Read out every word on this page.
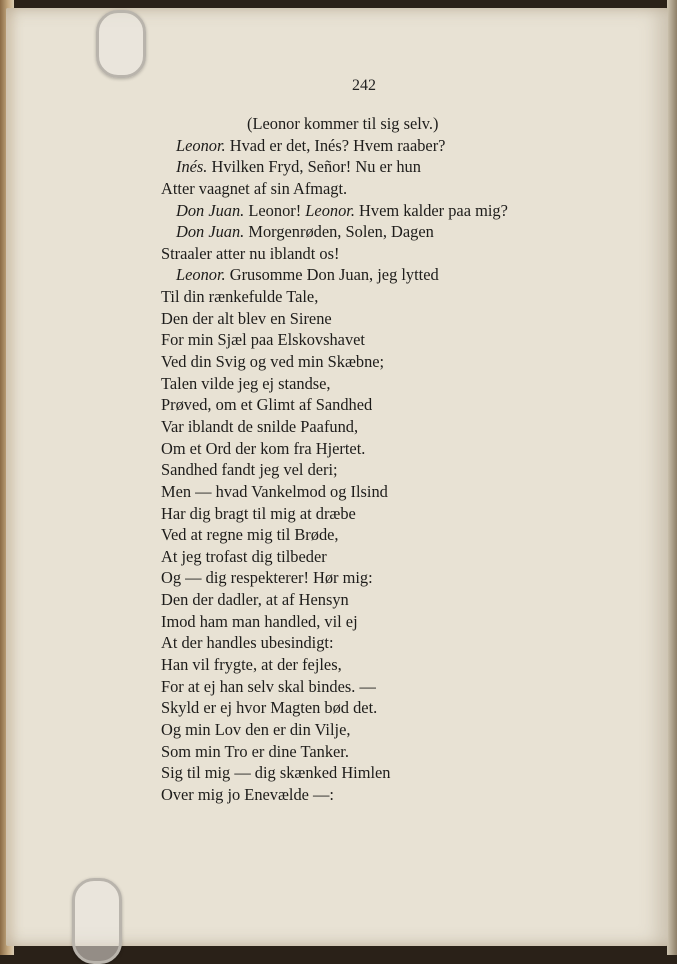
242
(Leonor kommer til sig selv.)
Leonor. Hvad er det, Inés? Hvem raaber?
Inés. Hvilken Fryd, Señor! Nu er hun
Atter vaagnet af sin Afmagt.
Don Juan. Leonor! Leonor. Hvem kalder paa mig?
Don Juan. Morgenrøden, Solen, Dagen
Straaler atter nu iblandt os!
Leonor. Grusomme Don Juan, jeg lytted
Til din rænkefulde Tale,
Den der alt blev en Sirene
For min Sjæl paa Elskovshavet
Ved din Svig og ved min Skæbne;
Talen vilde jeg ej standse,
Prøved, om et Glimt af Sandhed
Var iblandt de snilde Paafund,
Om et Ord der kom fra Hjertet.
Sandhed fandt jeg vel deri;
Men — hvad Vankelmod og Ilsind
Har dig bragt til mig at dræbe
Ved at regne mig til Brøde,
At jeg trofast dig tilbeder
Og — dig respekterer! Hør mig:
Den der dadler, at af Hensyn
Imod ham man handled, vil ej
At der handles ubesindigt:
Han vil frygte, at der fejles,
For at ej han selv skal bindes. —
Skyld er ej hvor Magten bød det.
Og min Lov den er din Vilje,
Som min Tro er dine Tanker.
Sig til mig — dig skænked Himlen
Over mig jo Enevælde —:
